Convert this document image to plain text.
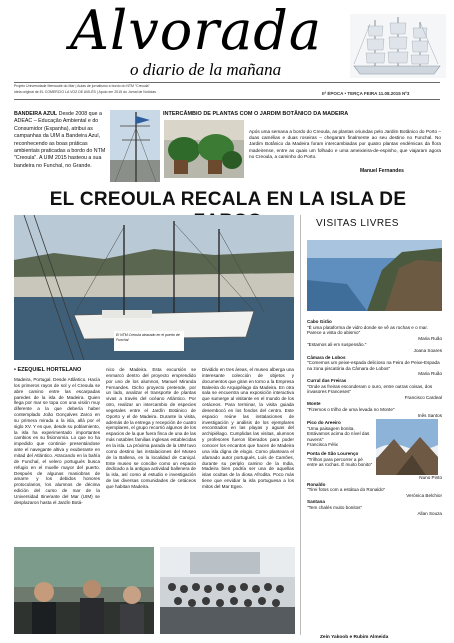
Alvorada
o diario de la mañana
Projeto Universidade Mensuale do Mar | Aulas de jornalismo a bordo do NTM "Creoula"
Ideia original de EL COMERCIO LA VOZ DE AVILÉS | Apoio em 2015 do Jornal de Notícias	IIª ÉPOCA • TERÇA FEIRA 11.08.2015 Nº3
BANDEIRA AZUL Desde 2008 que a ADEAC – Educação Ambiental e do Consumidor (Espanha), atribui as campanhas da UIM a Bandeira Azul, reconhecendo as boas práticas ambientais praticadas a bordo do NTM "Creoula". A UIM 2015 hasteou a sua bandeira no Funchal, no Grande.
INTERCÂMBIO DE PLANTAS COM O JARDIM BOTÂNICO DA MADEIRA
Após uma semana a bordo do Creoula, as plantas oriundas pelo Jardim Botânico do Porto – duas camélias e duas roseiras – chegaram finalmente ao seu destino no Funchal. No Jardim Botânico da Madeira foram intercambiadas por quatro plantas endémicas da flora madeirense, entre as quais um folhado e uma ameixieira-de-espinho, que viajaram agora no Creoula, a caminho do Porto.
Manuel Fernandes
EL CREOULA RECALA EN LA ISLA DE
El NTM Creoula atracado en el puerto de Funchal
• EZEQUIEL HORTELANO
Madeira, Portugal. Desde Atlântico. Hacía los primeros rayos de sol y el Creoula se abre camino entre las escarpadas paredes de la isla de Madeira. Quien llega por mar se topa con una visión muy diferente a la que debería haber contemplado João Gonçalves Zarco en su primera mirada a la isla, allá por el siglo XV. Y es que, desde su poblamiento, la isla ha experimentado importantes cambios en su fisionomía. Lo que no ha impedido que continúe presentándose ante el navegante altiva y exuberante en mitad del Atlántico. Atracando en la bahía de Funchal, el velero portugués busca refugio en el muelle mayor del puerto. Después de algunas maniobras de amarre y los debidos honores protocolarios, los alumnos de décima edición del curso de mar de la Universidad Itinerante del Mar (UIM) se desplazaron hasta el Jardín Botá-
nico de Madeira. Esta excursión se enmarcó dentro del proyecto emprendido por uno de los alumnos, Manuel Miranda Fernandes. Dicho proyecto pretende, por un lado, analizar el transporte de plantas vivas a través del océano Atlántico. Por otro, realizar un intercambio de especies vegetales entre el Jardín Botánico de Oporto y el de Madeira. Durante la visita, además de la entrega y recepción de cuatro ejemplares, el grupo recorrió algunos de los espacios de la que fuera finca de una de las más notables familias inglesas establecidas en la isla. La próxima parada de la UIM tuvo como destino las instalaciones del Museo de la Ballena, en la localidad de Caniçal. Este museo se concibe como un espacio dedicado a la antigua actividad ballenera de la isla, así como al estudio e investigación de las diversas comunidades de cetáceos que habitan Madeira.
Dividido en tres áreas, el museo alberga una interesante colección de objetos y documentos que giran en torno a la Empresa Baleeira do Arquipélago da Madeira. En otra sala se encuentra una exposición interactiva que sumerge al visitante en el mundo de los cetáceos. Para terminar, la visita guiada desembocó en los fondos del centro. Este espacio reúne las instalaciones de investigación y análisis de los ejemplares encontrados en las playas y aguas del archipiélago. Cumplidas las visitas, alumnos y profesores fueron liberados para poder conocer los encantos que hacen de Madeira una isla digna de elogio. Como planteara el afamado autor portugués, Luís de Camões, durante su periplo camino de la India, Madeira bien podría ser una de aquellas islas ocultas de la diosa Afrodita. Poco más tiene que envidiar la isla portuguesa a los mitos del Mar Egeo.
VISITAS LIVRES
Cabo Girão
"É uma plataforma de vidro donde se vê as rochas e o mar. Parece a vista do abismo"
Maria Ruão
"Estamos ali em suspensão."
Joana Soares
Câmara de Lobos
"Comemos um peixe-espada delicioso na Feira de Peixe-Espada na zona piscatória da Câmara de Lobos"
Maria Ruão
Curral das Freiras
"Onde as freiras esconderam o ouro, entre outras coisas, dos invasores Franceses"
Francisco Cardeal
Monte
"Fizemos o trilho de uma levada no Monte"
Inês Santos
Pico do Areeiro
"Uma paisagem bonita. Estávamos acima do nível das nuvens"
Francisca Félix
Ponta de São Lourenço
"Trilhos para percorrer a pé entre as rochas. É muito bonito"
Nuno Pinto
Ronaldo
"Tirei fotos com a estátua do Ronaldo"
Verónica Belchior
Santana
"Tem chalés muito bonitos"
Allan Souza
Zeín Yakoob e Rubim Almeida
